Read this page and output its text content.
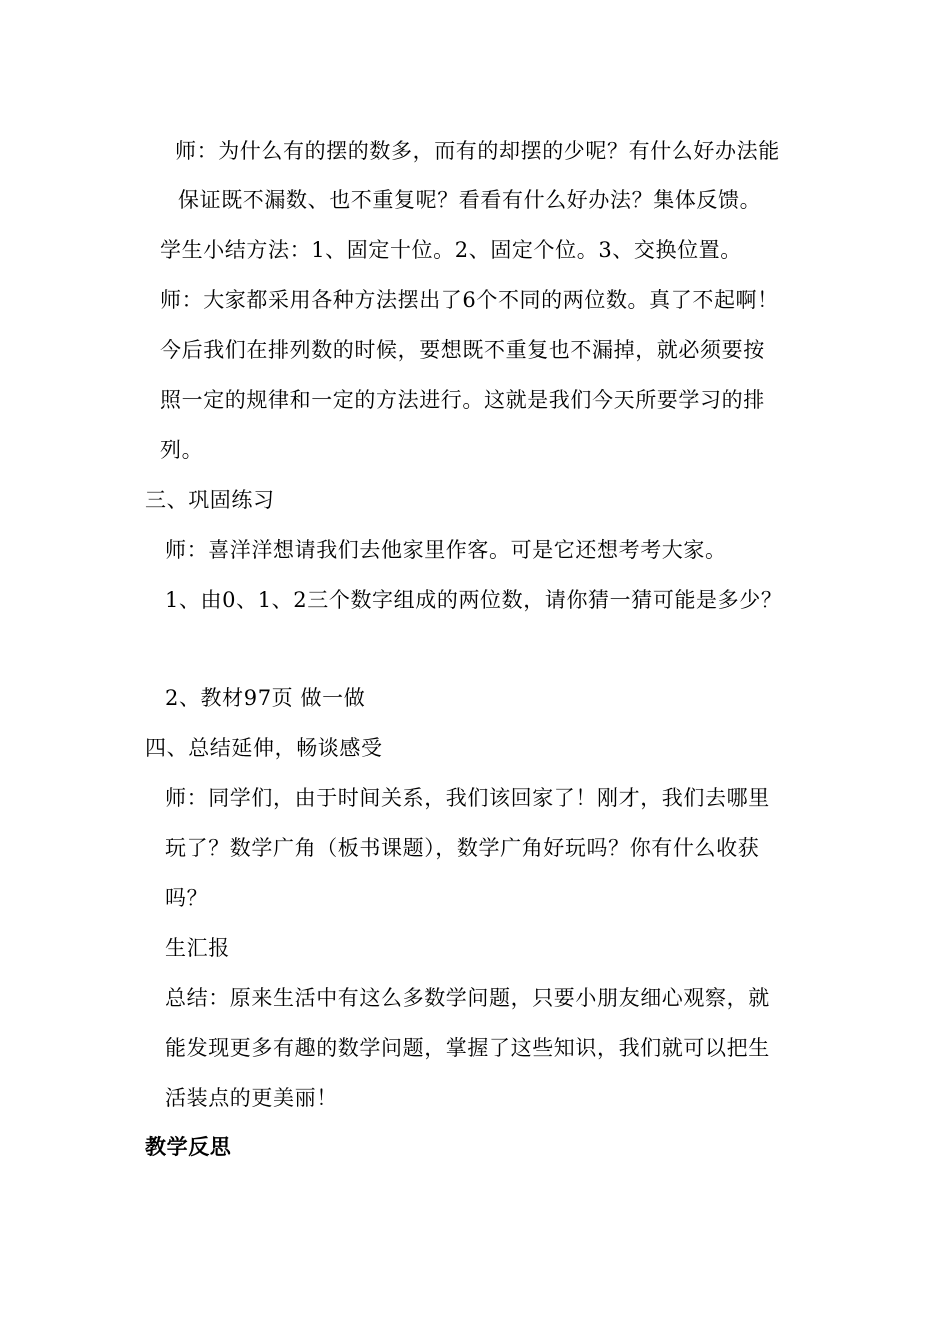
师：为什么有的摆的数多，而有的却摆的少呢？有什么好办法能
保证既不漏数、也不重复呢？看看有什么好办法？集体反馈。
学生小结方法：1、固定十位。2、固定个位。3、交换位置。
师：大家都采用各种方法摆出了6个不同的两位数。真了不起啊！
今后我们在排列数的时候，要想既不重复也不漏掉，就必须要按
照一定的规律和一定的方法进行。这就是我们今天所要学习的排
列。
三、巩固练习
师：喜洋洋想请我们去他家里作客。可是它还想考考大家。
1、由0、1、2三个数字组成的两位数，请你猜一猜可能是多少？
2、教材97页 做一做
四、总结延伸，畅谈感受
师：同学们，由于时间关系，我们该回家了！刚才，我们去哪里
玩了？数学广角（板书课题），数学广角好玩吗？你有什么收获
吗？
生汇报
总结：原来生活中有这么多数学问题，只要小朋友细心观察，就
能发现更多有趣的数学问题，掌握了这些知识，我们就可以把生
活装点的更美丽！
教学反思
